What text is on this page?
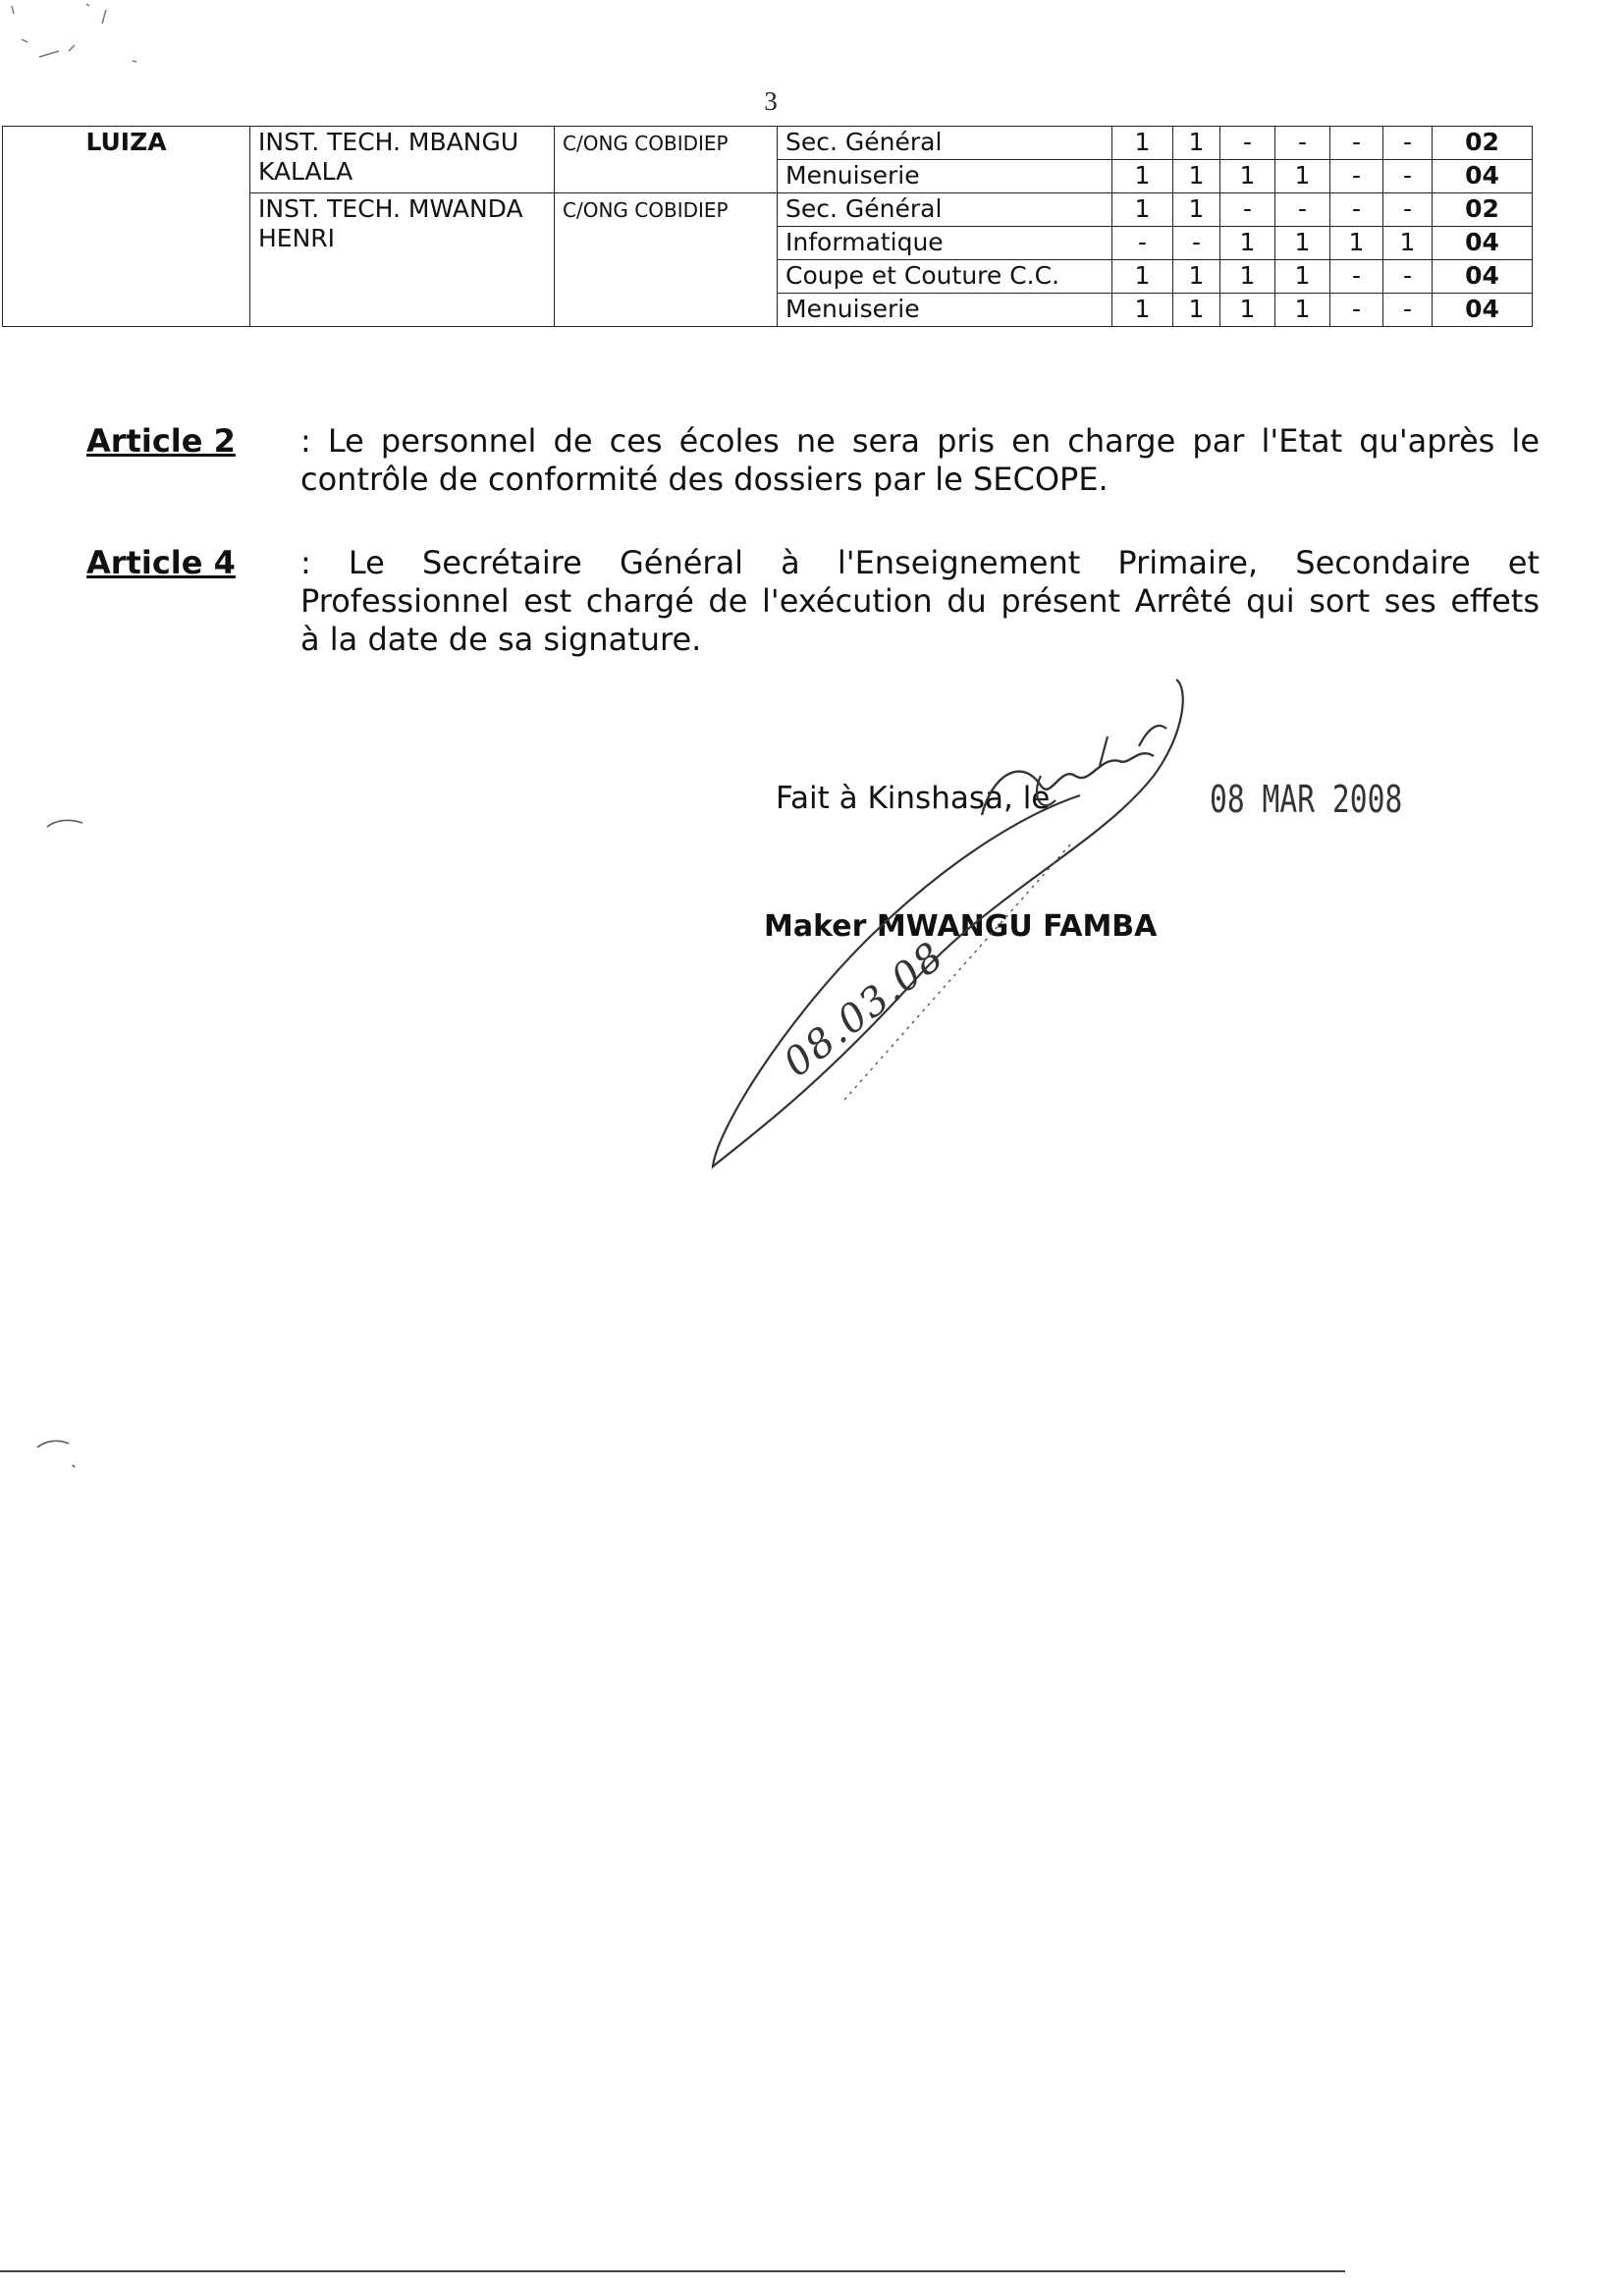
3
LUIZA	INST. TECH. MBANGU KALALA	C/ONG COBIDIEP	Sec. Général	1	1	-	-	-	-	02
			Menuiserie	1	1	1	1	-	-	04
	INST. TECH. MWANDA HENRI	C/ONG COBIDIEP	Sec. Général	1	1	-	-	-	-	02
			Informatique	-	-	1	1	1	1	04
			Coupe et Couture C.C.	1	1	1	1	-	-	04
			Menuiserie	1	1	1	1	-	-	04
Article 2 : Le personnel de ces écoles ne sera pris en charge par l'Etat qu'après le
contrôle de conformité des dossiers par le SECOPE.
Article 4 : Le Secrétaire Général à l'Enseignement Primaire, Secondaire et
Professionnel est chargé de l'exécution du présent Arrêté qui sort ses effets
à la date de sa signature.
Fait à Kinshasa, le	08 MAR 2008
Maker MWANGU FAMBA
08.03.08
